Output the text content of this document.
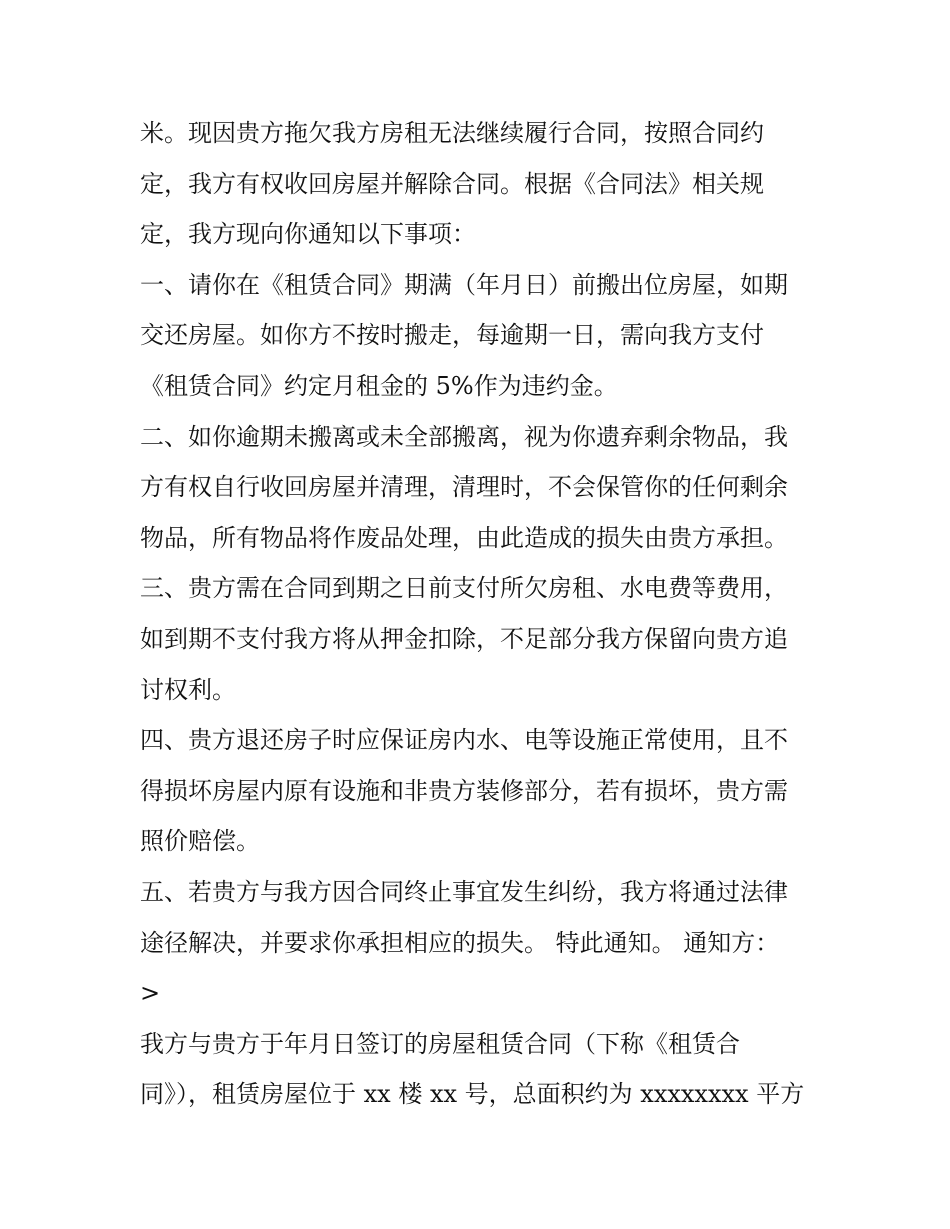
米。现因贵方拖欠我方房租无法继续履行合同，按照合同约
定，我方有权收回房屋并解除合同。根据《合同法》相关规
定，我方现向你通知以下事项：
一、请你在《租赁合同》期满（年月日）前搬出位房屋，如期
交还房屋。如你方不按时搬走，每逾期一日，需向我方支付
《租赁合同》约定月租金的 5%作为违约金。
二、如你逾期未搬离或未全部搬离，视为你遗弃剩余物品，我
方有权自行收回房屋并清理，清理时，不会保管你的任何剩余
物品，所有物品将作废品处理，由此造成的损失由贵方承担。
三、贵方需在合同到期之日前支付所欠房租、水电费等费用，
如到期不支付我方将从押金扣除，不足部分我方保留向贵方追
讨权利。
四、贵方退还房子时应保证房内水、电等设施正常使用，且不
得损坏房屋内原有设施和非贵方装修部分，若有损坏，贵方需
照价赔偿。
五、若贵方与我方因合同终止事宜发生纠纷，我方将通过法律
途径解决，并要求你承担相应的损失。 特此通知。 通知方：
>
我方与贵方于年月日签订的房屋租赁合同（下称《租赁合
同》），租赁房屋位于 xx 楼 xx 号，总面积约为 xxxxxxxx 平方
